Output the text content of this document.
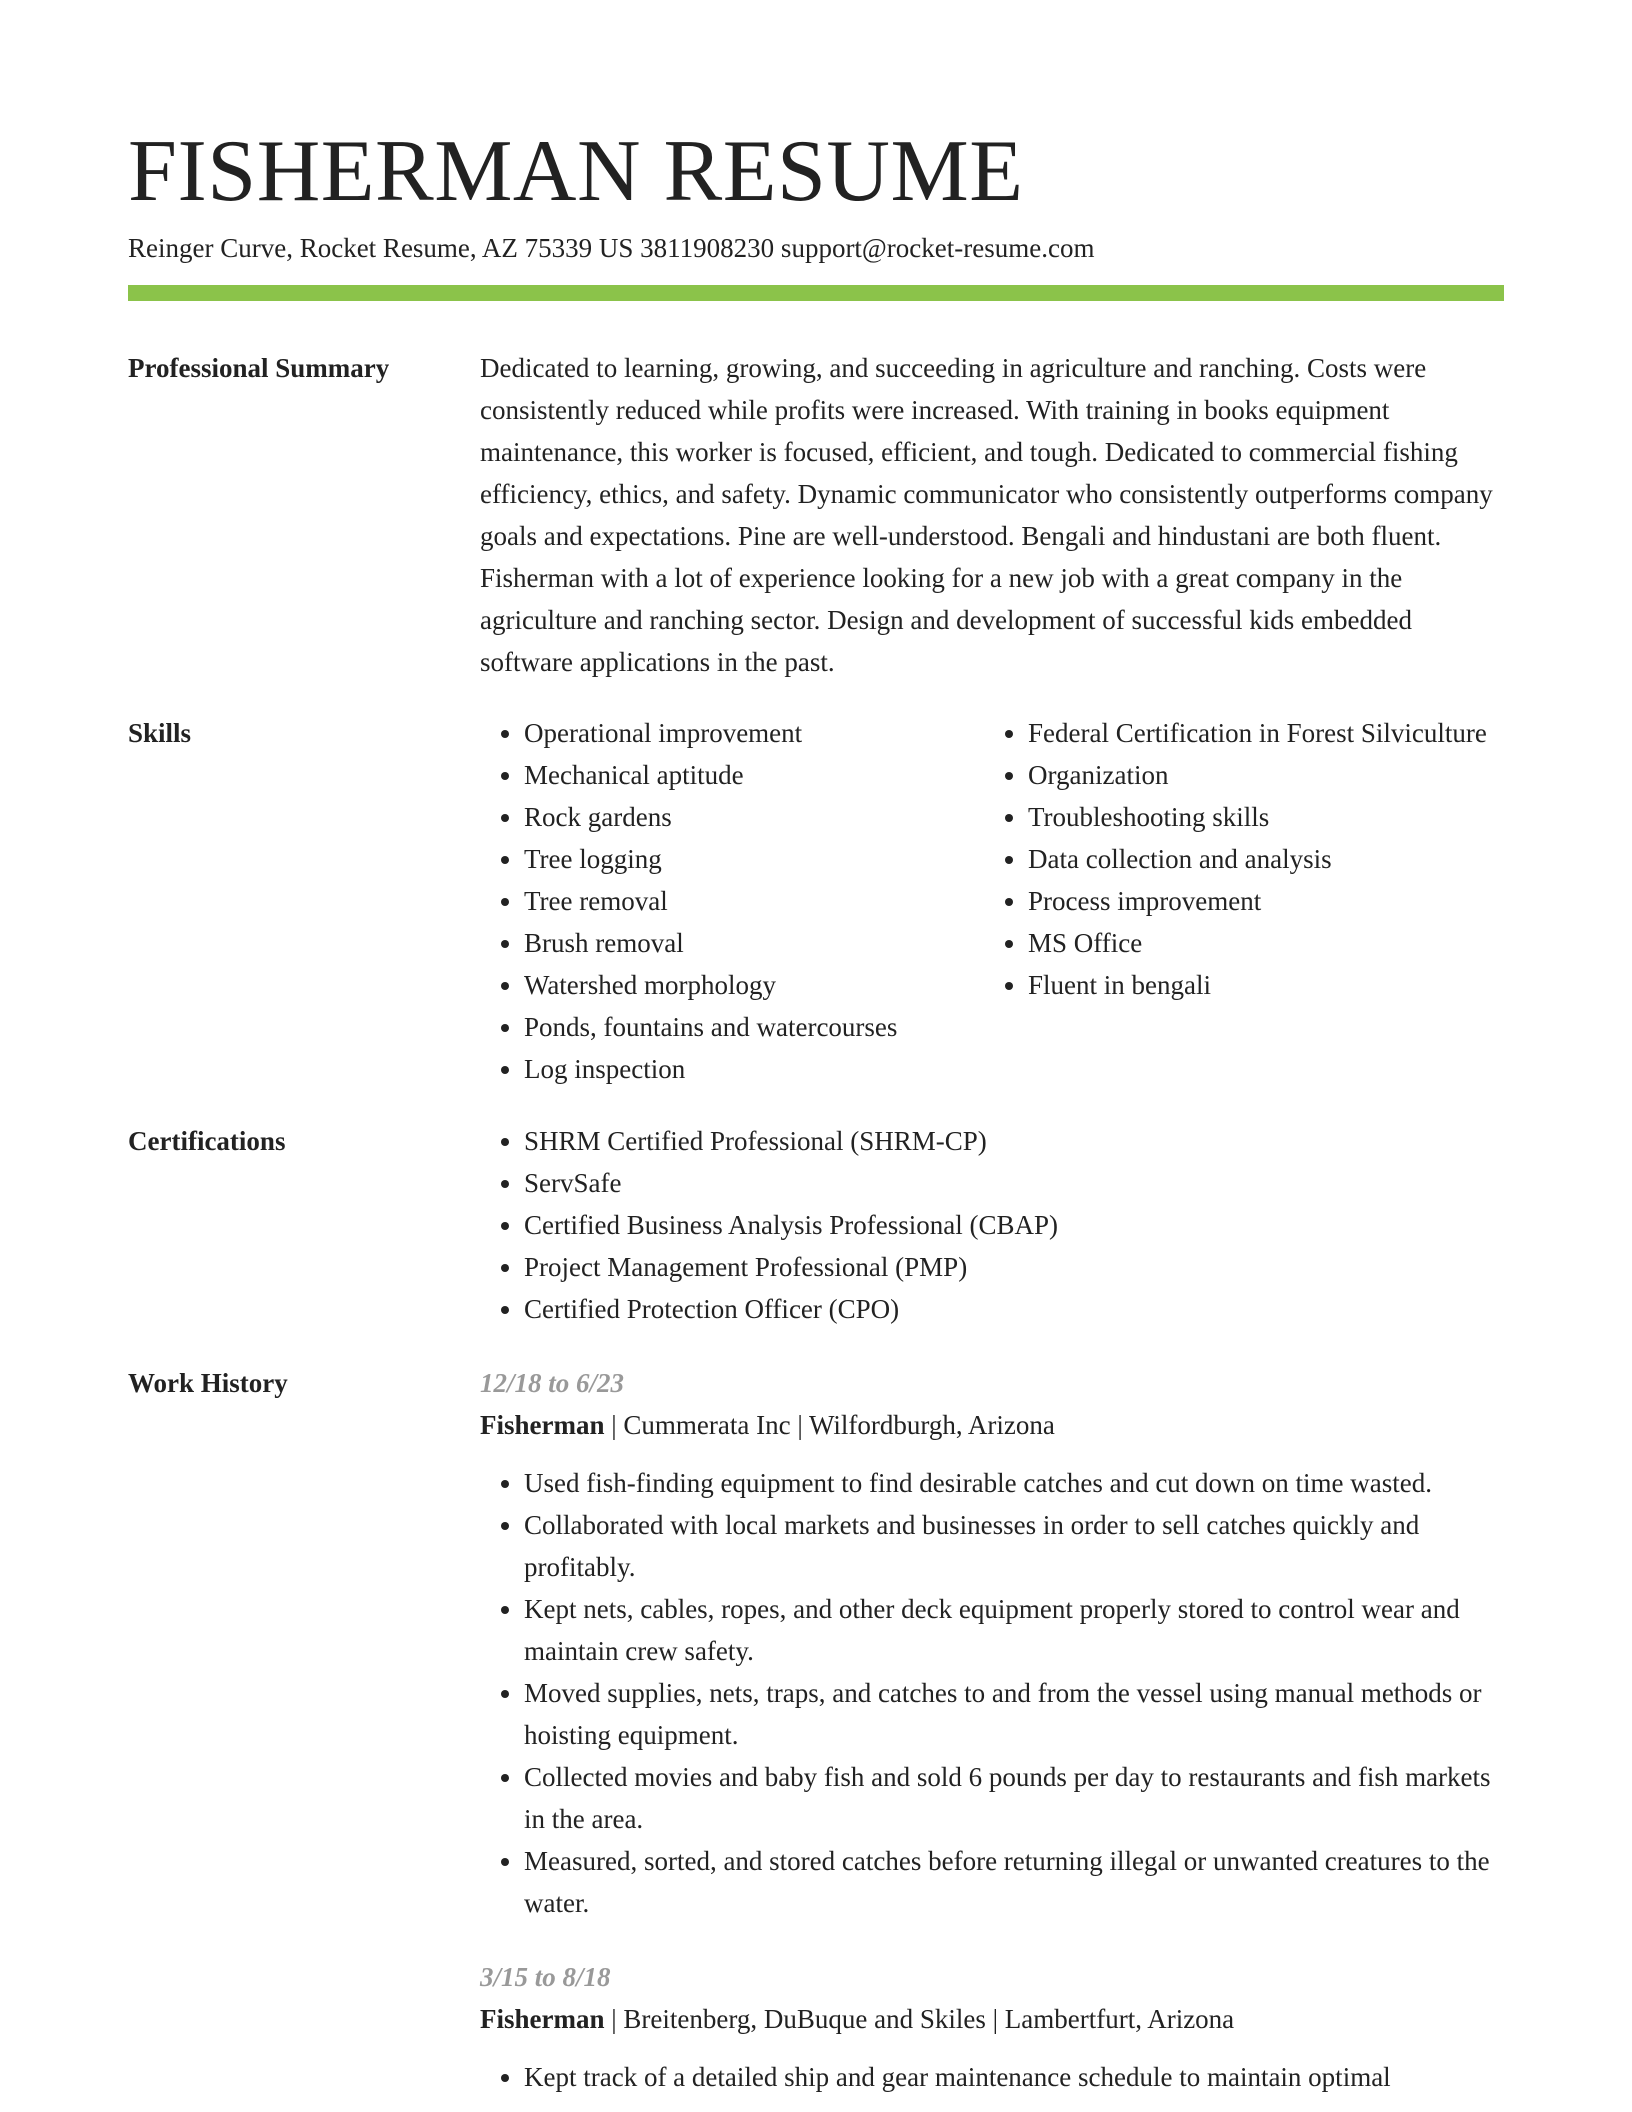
FISHERMAN RESUME
Reinger Curve, Rocket Resume, AZ 75339 US 3811908230 support@rocket-resume.com
Professional Summary	Dedicated to learning, growing, and succeeding in agriculture and ranching. Costs were consistently reduced while profits were increased. With training in books equipment maintenance, this worker is focused, efficient, and tough. Dedicated to commercial fishing efficiency, ethics, and safety. Dynamic communicator who consistently outperforms company goals and expectations. Pine are well-understood. Bengali and hindustani are both fluent. Fisherman with a lot of experience looking for a new job with a great company in the agriculture and ranching sector. Design and development of successful kids embedded software applications in the past.

Skills	• Operational improvement
• Mechanical aptitude
• Rock gardens
• Tree logging
• Tree removal
• Brush removal
• Watershed morphology
• Ponds, fountains and watercourses
• Log inspection
• Federal Certification in Forest Silviculture
• Organization
• Troubleshooting skills
• Data collection and analysis
• Process improvement
• MS Office
• Fluent in bengali
Certifications	• SHRM Certified Professional (SHRM-CP)
• ServSafe
• Certified Business Analysis Professional (CBAP)
• Project Management Professional (PMP)
• Certified Protection Officer (CPO)
Work History	12/18 to 6/23
Fisherman | Cummerata Inc | Wilfordburgh, Arizona
• Used fish-finding equipment to find desirable catches and cut down on time wasted.
• Collaborated with local markets and businesses in order to sell catches quickly and profitably.
• Kept nets, cables, ropes, and other deck equipment properly stored to control wear and maintain crew safety.
• Moved supplies, nets, traps, and catches to and from the vessel using manual methods or hoisting equipment.
• Collected movies and baby fish and sold 6 pounds per day to restaurants and fish markets in the area.
• Measured, sorted, and stored catches before returning illegal or unwanted creatures to the water.
3/15 to 8/18
Fisherman | Breitenberg, DuBuque and Skiles | Lambertfurt, Arizona
• Kept track of a detailed ship and gear maintenance schedule to maintain optimal
